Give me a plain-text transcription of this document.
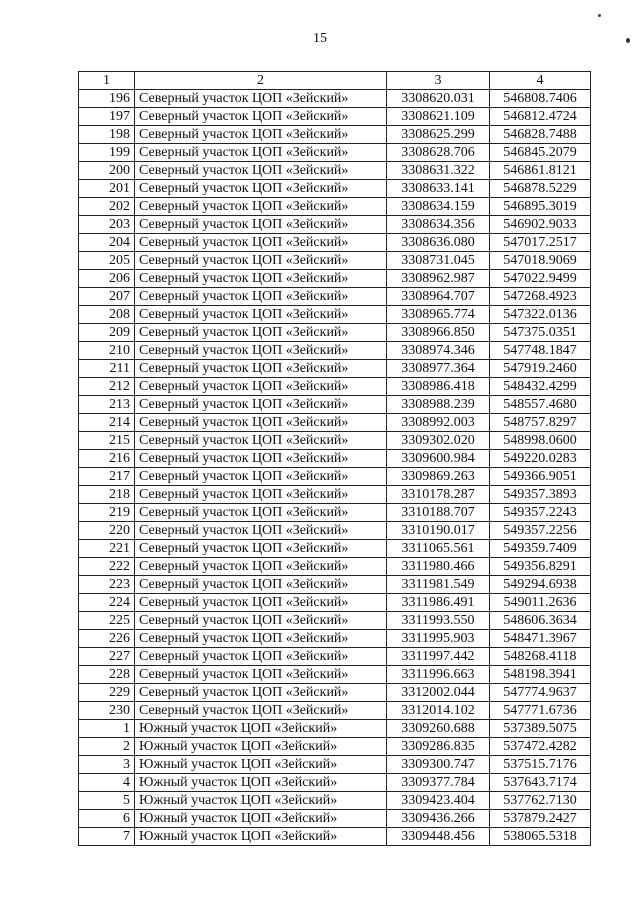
15
1	2	3	4
196	Северный участок ЦОП «Зейский»	3308620.031	546808.7406
197	Северный участок ЦОП «Зейский»	3308621.109	546812.4724
198	Северный участок ЦОП «Зейский»	3308625.299	546828.7488
199	Северный участок ЦОП «Зейский»	3308628.706	546845.2079
200	Северный участок ЦОП «Зейский»	3308631.322	546861.8121
201	Северный участок ЦОП «Зейский»	3308633.141	546878.5229
202	Северный участок ЦОП «Зейский»	3308634.159	546895.3019
203	Северный участок ЦОП «Зейский»	3308634.356	546902.9033
204	Северный участок ЦОП «Зейский»	3308636.080	547017.2517
205	Северный участок ЦОП «Зейский»	3308731.045	547018.9069
206	Северный участок ЦОП «Зейский»	3308962.987	547022.9499
207	Северный участок ЦОП «Зейский»	3308964.707	547268.4923
208	Северный участок ЦОП «Зейский»	3308965.774	547322.0136
209	Северный участок ЦОП «Зейский»	3308966.850	547375.0351
210	Северный участок ЦОП «Зейский»	3308974.346	547748.1847
211	Северный участок ЦОП «Зейский»	3308977.364	547919.2460
212	Северный участок ЦОП «Зейский»	3308986.418	548432.4299
213	Северный участок ЦОП «Зейский»	3308988.239	548557.4680
214	Северный участок ЦОП «Зейский»	3308992.003	548757.8297
215	Северный участок ЦОП «Зейский»	3309302.020	548998.0600
216	Северный участок ЦОП «Зейский»	3309600.984	549220.0283
217	Северный участок ЦОП «Зейский»	3309869.263	549366.9051
218	Северный участок ЦОП «Зейский»	3310178.287	549357.3893
219	Северный участок ЦОП «Зейский»	3310188.707	549357.2243
220	Северный участок ЦОП «Зейский»	3310190.017	549357.2256
221	Северный участок ЦОП «Зейский»	3311065.561	549359.7409
222	Северный участок ЦОП «Зейский»	3311980.466	549356.8291
223	Северный участок ЦОП «Зейский»	3311981.549	549294.6938
224	Северный участок ЦОП «Зейский»	3311986.491	549011.2636
225	Северный участок ЦОП «Зейский»	3311993.550	548606.3634
226	Северный участок ЦОП «Зейский»	3311995.903	548471.3967
227	Северный участок ЦОП «Зейский»	3311997.442	548268.4118
228	Северный участок ЦОП «Зейский»	3311996.663	548198.3941
229	Северный участок ЦОП «Зейский»	3312002.044	547774.9637
230	Северный участок ЦОП «Зейский»	3312014.102	547771.6736
1	Южный участок ЦОП «Зейский»	3309260.688	537389.5075
2	Южный участок ЦОП «Зейский»	3309286.835	537472.4282
3	Южный участок ЦОП «Зейский»	3309300.747	537515.7176
4	Южный участок ЦОП «Зейский»	3309377.784	537643.7174
5	Южный участок ЦОП «Зейский»	3309423.404	537762.7130
6	Южный участок ЦОП «Зейский»	3309436.266	537879.2427
7	Южный участок ЦОП «Зейский»	3309448.456	538065.5318
